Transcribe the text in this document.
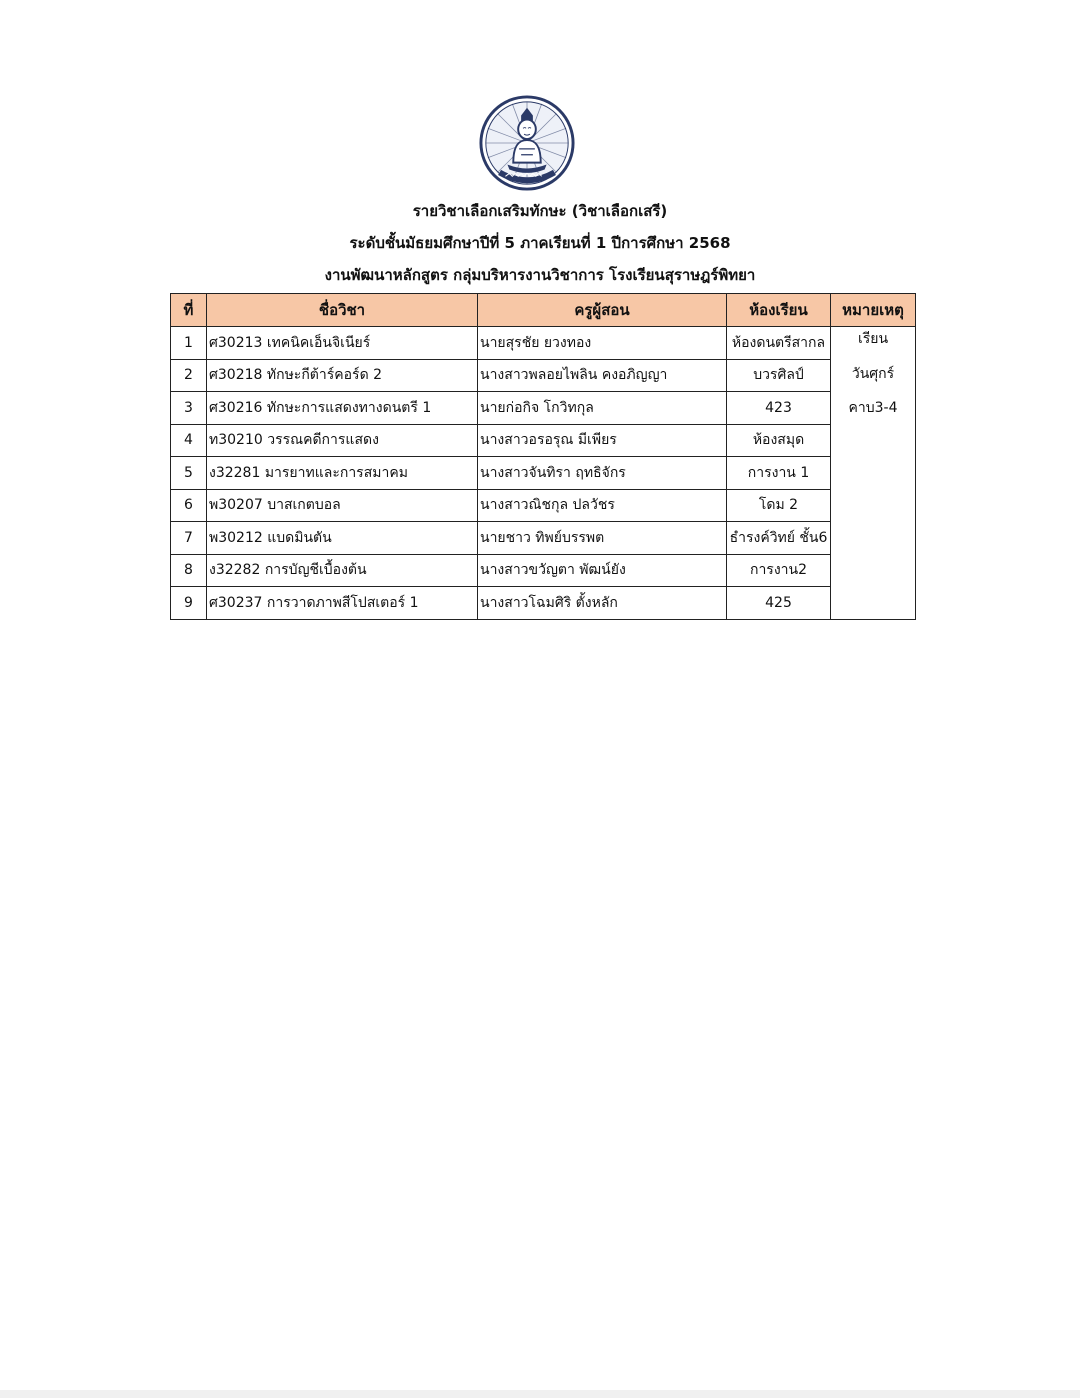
รายวิชาเลือกเสริมทักษะ (วิชาเลือกเสรี)
ระดับชั้นมัธยมศึกษาปีที่ 5 ภาคเรียนที่ 1 ปีการศึกษา 2568
งานพัฒนาหลักสูตร กลุ่มบริหารงานวิชาการ โรงเรียนสุราษฎร์พิทยา
ที่	ชื่อวิชา	ครูผู้สอน	ห้องเรียน	หมายเหตุ
1	ศ30213 เทคนิคเอ็นจิเนียร์	นายสุรชัย ยวงทอง	ห้องดนตรีสากล	เรียน
วันศุกร์
คาบ3-4

2	ศ30218 ทักษะกีต้าร์คอร์ด 2	นางสาวพลอยไพลิน คงอภิญญา	บวรศิลป์	
3	ศ30216 ทักษะการแสดงทางดนตรี 1	นายก่อกิจ โกวิทกุล	423	
4	ท30210 วรรณคดีการแสดง	นางสาวอรอรุณ มีเพียร	ห้องสมุด	
5	ง32281 มารยาทและการสมาคม	นางสาวจันทิรา ฤทธิจักร	การงาน 1	
6	พ30207 บาสเกตบอล	นางสาวณิชกุล ปลวัชร	โดม 2	
7	พ30212 แบดมินตัน	นายชาว ทิพย์บรรพต	ธำรงค์วิทย์ ชั้น6	
8	ง32282 การบัญชีเบื้องต้น	นางสาวขวัญตา พัฒน์ยัง	การงาน2	
9	ศ30237 การวาดภาพสีโปสเตอร์ 1	นางสาวโฉมศิริ ตั้งหลัก	425	
